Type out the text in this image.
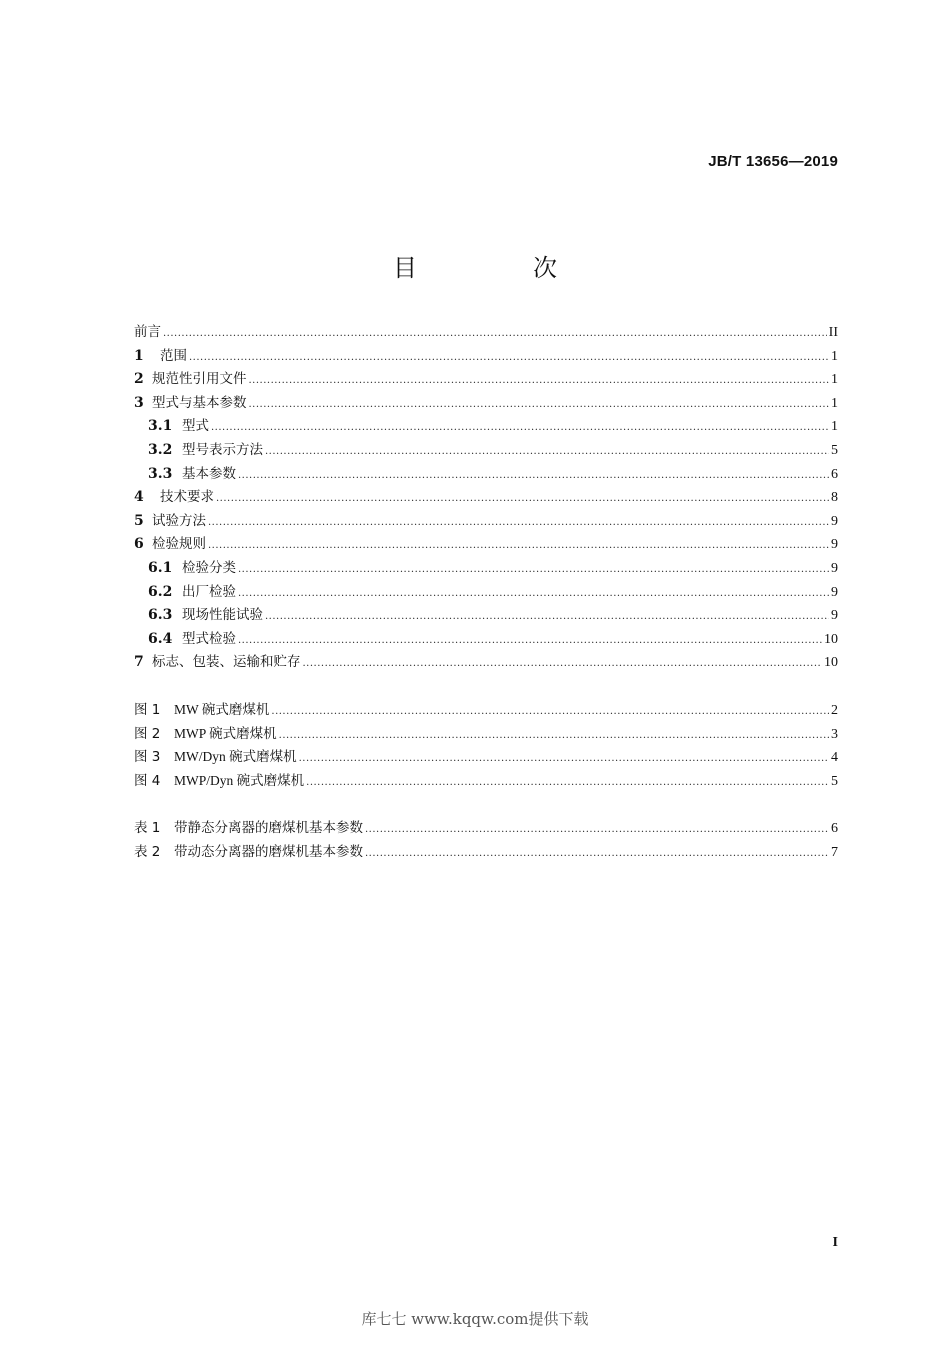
JB/T 13656—2019
目　次
前言 .....	II
1	范围 .....	1
2 规范性引用文件 .....	1
3 型式与基本参数 .....	1
3.1 型式 .....	1
3.2 型号表示方法 .....	5
3.3 基本参数 .....	6
4	技术要求 .....	8
5 试验方法 .....	9
6 检验规则 .....	9
6.1 检验分类 .....	9
6.2 出厂检验 .....	9
6.3 现场性能试验 .....	9
6.4 型式检验 .....	10
7 标志、包装、运输和贮存 .....	10
图 1	MW 碗式磨煤机 .....	2
图 2	MWP 碗式磨煤机 .....	3
图 3	MW/Dyn 碗式磨煤机 .....	4
图 4	MWP/Dyn 碗式磨煤机 .....	5
表 1	带静态分离器的磨煤机基本参数 .....	6
表 2	带动态分离器的磨煤机基本参数 .....	7
I
库七七 www.kqqw.com提供下载
